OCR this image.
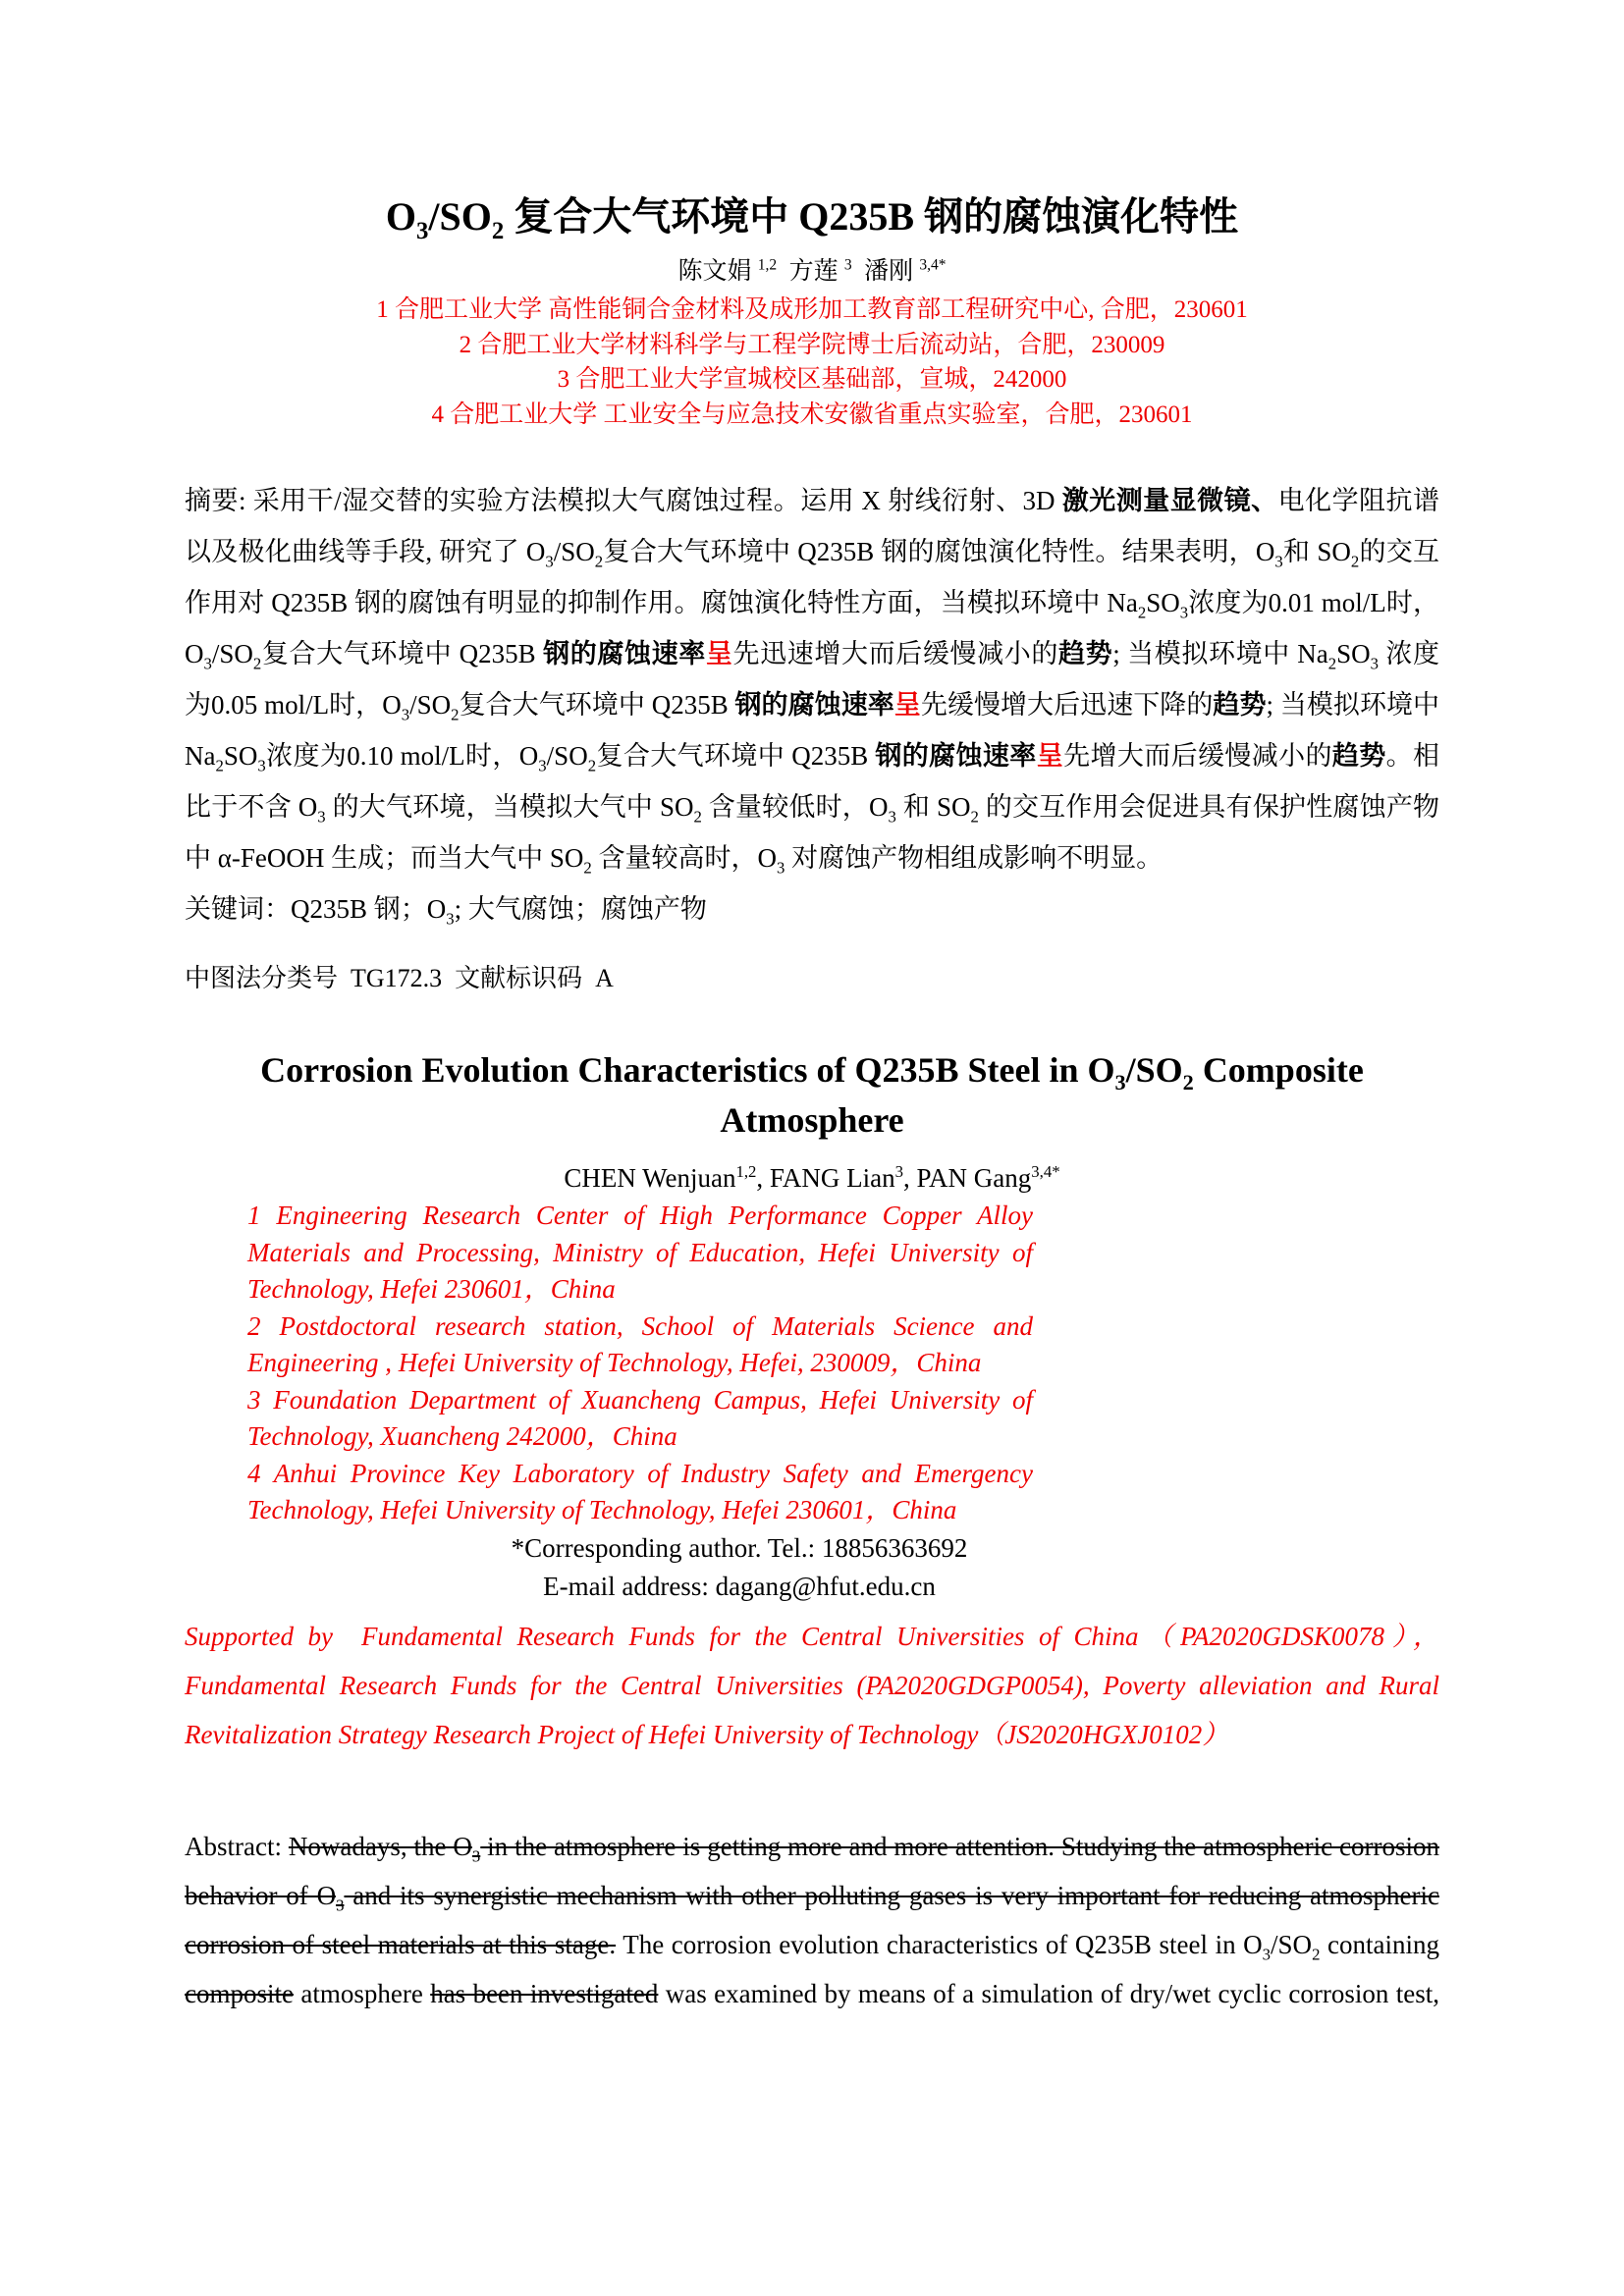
$O_3/SO_2$ 复合大气环境中 Q235B 钢的腐蚀演化特性
陈文娟 $^{1,2}$  方莲 $^3$  潘刚 $^{3,4*}$
1 合肥工业大学 高性能铜合金材料及成形加工教育部工程研究中心, 合肥，230601
2 合肥工业大学材料科学与工程学院博士后流动站，合肥，230009
3 合肥工业大学宣城校区基础部，宣城，242000
4 合肥工业大学 工业安全与应急技术安徽省重点实验室，合肥，230601

摘要: 采用干/湿交替的实验方法模拟大气腐蚀过程。运用 X 射线衍射、3D 激光测量显微镜、电化学阻抗谱以及极化曲线等手段, 研究了 $O_3/SO_2$复合大气环境中 Q235B 钢的腐蚀演化特性。结果表明，$O_3$和 $SO_2$的交互作用对 Q235B 钢的腐蚀有明显的抑制作用。腐蚀演化特性方面，当模拟环境中 $Na_2SO_3$浓度为0.01 mol/L时，$O_3/SO_2$复合大气环境中 Q235B 钢的腐蚀速率呈先迅速增大而后缓慢减小的趋势; 当模拟环境中 $Na_2SO_3$ 浓度为0.05 mol/L时，$O_3/SO_2$复合大气环境中 Q235B 钢的腐蚀速率呈先缓慢增大后迅速下降的趋势; 当模拟环境中 $Na_2SO_3$浓度为0.10 mol/L时，$O_3/SO_2$复合大气环境中 Q235B 钢的腐蚀速率呈先增大而后缓慢减小的趋势。相比于不含 $O_3$ 的大气环境，当模拟大气中 $SO_2$ 含量较低时，$O_3$ 和 $SO_2$ 的交互作用会促进具有保护性腐蚀产物中 α-FeOOH 生成；而当大气中 $SO_2$ 含量较高时，$O_3$ 对腐蚀产物相组成影响不明显。

关键词：Q235B 钢；$O_3$; 大气腐蚀；腐蚀产物

中图法分类号  TG172.3  文献标识码  A

Corrosion Evolution Characteristics of Q235B Steel in $O_3/SO_2$ Composite Atmosphere
CHEN Wenjuan$^{1,2}$, FANG Lian$^3$, PAN Gang$^{3,4*}$

1 Engineering Research Center of High Performance Copper Alloy Materials and Processing, Ministry of Education, Hefei University of Technology, Hefei 230601，China

2 Postdoctoral research station, School of Materials Science and Engineering , Hefei University of Technology, Hefei, 230009，China

3 Foundation Department of Xuancheng Campus, Hefei University of Technology, Xuancheng 242000，China

4 Anhui Province Key Laboratory of Industry Safety and Emergency Technology, Hefei University of Technology, Hefei 230601，China

*Corresponding author. Tel.: 18856363692
E-mail address: dagang@hfut.edu.cn

Supported by  Fundamental Research Funds for the Central Universities of China（PA2020GDSK0078），Fundamental Research Funds for the Central Universities (PA2020GDGP0054), Poverty alleviation and Rural Revitalization Strategy Research Project of Hefei University of Technology（JS2020HGXJ0102）

Abstract: Nowadays, the $O_3$ in the atmosphere is getting more and more attention. Studying the atmospheric corrosion behavior of $O_3$ and its synergistic mechanism with other polluting gases is very important for reducing atmospheric corrosion of steel materials at this stage. The corrosion evolution characteristics of Q235B steel in $O_3/SO_2$ containing composite atmosphere has been investigated was examined by means of a simulation of dry/wet cyclic corrosion test,
